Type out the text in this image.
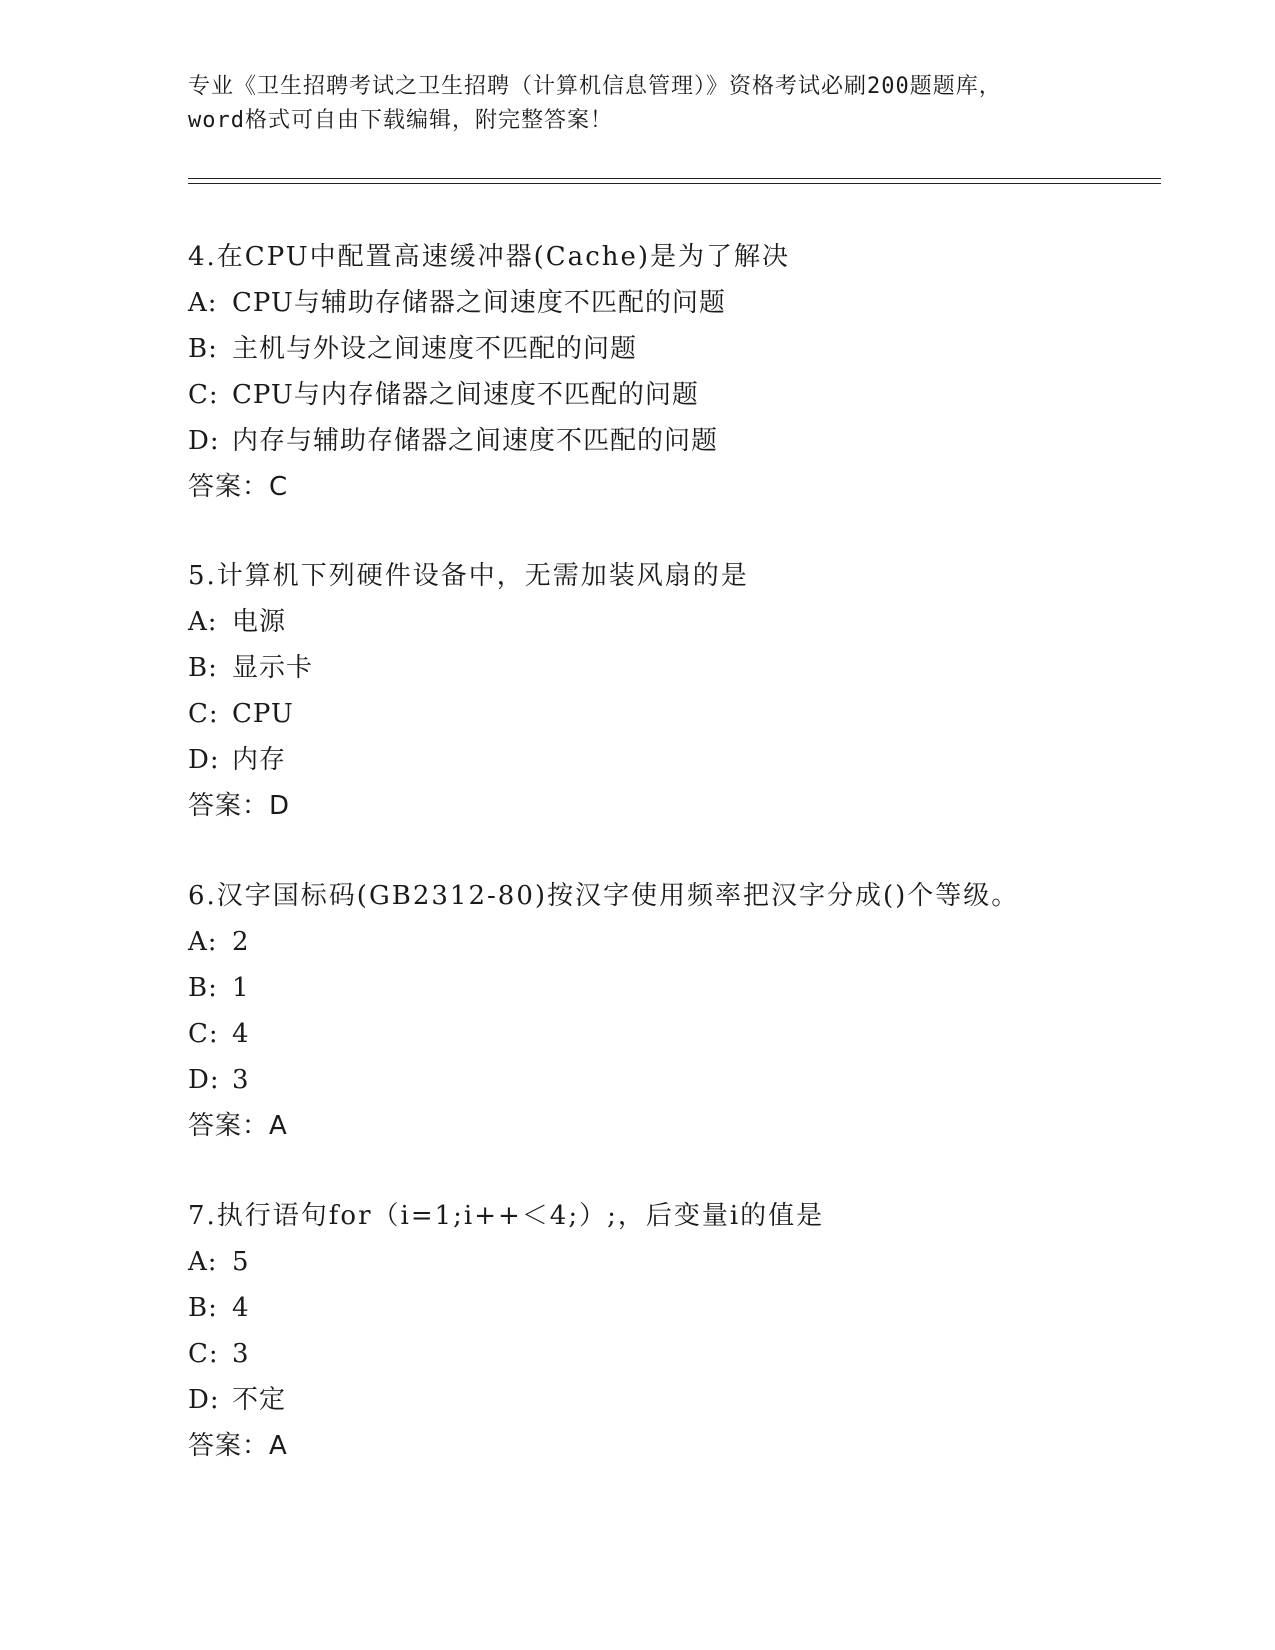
专业《卫生招聘考试之卫生招聘（计算机信息管理）》资格考试必刷200题题库，
word格式可自由下载编辑，附完整答案！
4.在CPU中配置高速缓冲器(Cache)是为了解决
A: CPU与辅助存储器之间速度不匹配的问题
B: 主机与外设之间速度不匹配的问题
C: CPU与内存储器之间速度不匹配的问题
D: 内存与辅助存储器之间速度不匹配的问题
答案：C
5.计算机下列硬件设备中，无需加装风扇的是
A: 电源
B: 显示卡
C: CPU
D: 内存
答案：D
6.汉字国标码(GB2312-80)按汉字使用频率把汉字分成()个等级。
A: 2
B: 1
C: 4
D: 3
答案：A
7.执行语句for（i=1;i++＜4;）;，后变量i的值是
A: 5
B: 4
C: 3
D: 不定
答案：A
